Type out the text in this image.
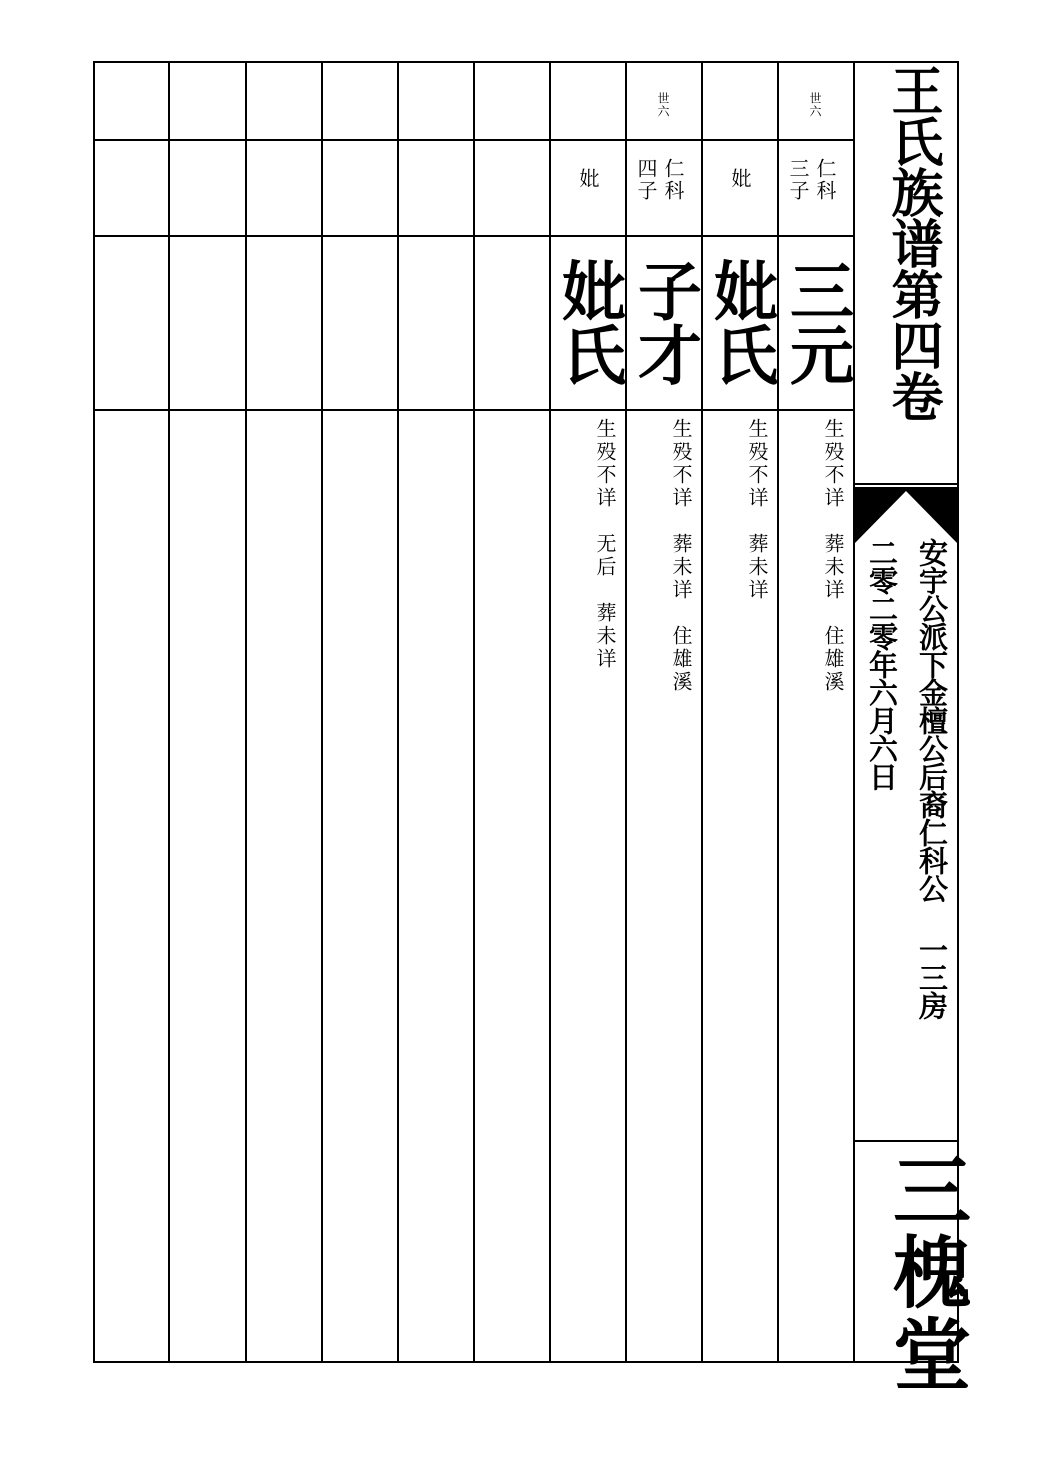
王氏族谱第四卷
安宇公派下金檀公后裔仁科公 一三房
二零二零年六月六日
三槐堂
世六
仁科
三子
三元
生殁不详　葬未详　住雄溪
妣
妣氏
生殁不详　葬未详
世六
仁科
四子
子才
生殁不详　葬未详　住雄溪
妣
妣氏
生殁不详　无后　葬未详
